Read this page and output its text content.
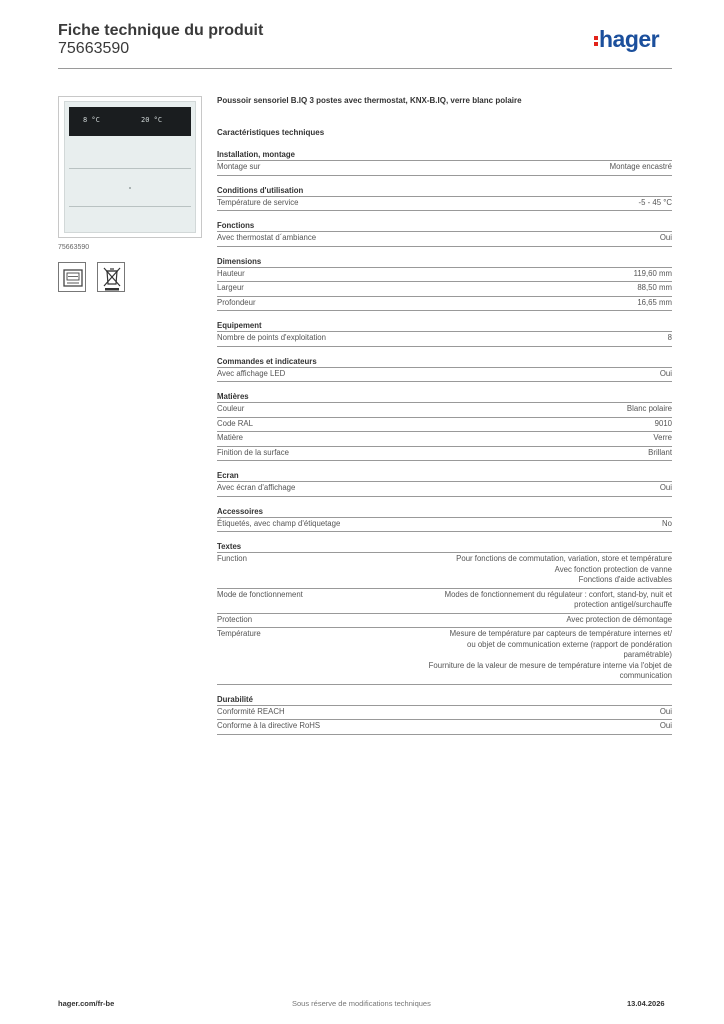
Fiche technique du produit
75663590	hager
8 °C	20 °C
75663590
Poussoir sensoriel B.IQ 3 postes avec thermostat, KNX-B.IQ, verre blanc polaire
Caractéristiques techniques
Installation, montage
Montage sur	Montage encastré
Conditions d'utilisation
Température de service	-5 - 45 °C
Fonctions
Avec thermostat d´ambiance	Oui
Dimensions
Hauteur	119,60 mm
Largeur	88,50 mm
Profondeur	16,65 mm
Equipement
Nombre de points d'exploitation	8
Commandes et indicateurs
Avec affichage LED	Oui
Matières
Couleur	Blanc polaire
Code RAL	9010
Matière	Verre
Finition de la surface	Brillant
Ecran
Avec écran d'affichage	Oui
Accessoires
Étiquetés, avec champ d'étiquetage	No
Textes
Function	Pour fonctions de commutation, variation, store et température
Avec fonction protection de vanne
Fonctions d'aide activables
Mode de fonctionnement	Modes de fonctionnement du régulateur : confort, stand-by, nuit et
protection antigel/surchauffe
Protection	Avec protection de démontage
Température	Mesure de température par capteurs de température internes et/
ou objet de communication externe (rapport de pondération
paramétrable)
Fourniture de la valeur de mesure de température interne via l'objet de
communication
Durabilité
Conformité REACH	Oui
Conforme à la directive RoHS	Oui
hager.com/fr-be	Sous réserve de modifications techniques	13.04.2026
